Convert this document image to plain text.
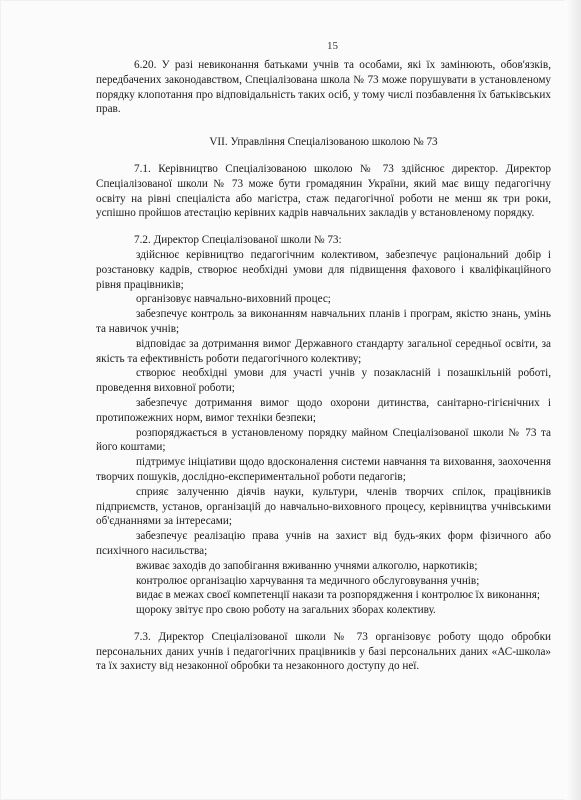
15

6.20. У разі невиконання батьками учнів та особами, які їх замінюють, обов'язків, передбачених законодавством, Спеціалізована школа № 73 може порушувати в установленому порядку клопотання про відповідальність таких осіб, у тому числі позбавлення їх батьківських прав.

VII. Управління Спеціалізованою школою № 73

7.1. Керівництво Спеціалізованою школою № 73 здійснює директор. Директор Спеціалізованої школи № 73 може бути громадянин України, який має вищу педагогічну освіту на рівні спеціаліста або магістра, стаж педагогічної роботи не менш як три роки, успішно пройшов атестацію керівних кадрів навчальних закладів у встановленому порядку.

7.2. Директор Спеціалізованої школи № 73:

здійснює керівництво педагогічним колективом, забезпечує раціональний добір і розстановку кадрів, створює необхідні умови для підвищення фахового і кваліфікаційного рівня працівників;

організовує навчально-виховний процес;

забезпечує контроль за виконанням навчальних планів і програм, якістю знань, умінь та навичок учнів;

відповідає за дотримання вимог Державного стандарту загальної середньої освіти, за якість та ефективність роботи педагогічного колективу;

створює необхідні умови для участі учнів у позакласній і позашкільній роботі, проведення виховної роботи;

забезпечує дотримання вимог щодо охорони дитинства, санітарно-гігієнічних і протипожежних норм, вимог техніки безпеки;

розпоряджається в установленому порядку майном Спеціалізованої школи № 73 та його коштами;

підтримує ініціативи щодо вдосконалення системи навчання та виховання, заохочення творчих пошуків, дослідно-експериментальної роботи педагогів;

сприяє залученню діячів науки, культури, членів творчих спілок, працівників підприємств, установ, організацій до навчально-виховного процесу, керівництва учнівськими об'єднаннями за інтересами;

забезпечує реалізацію права учнів на захист від будь-яких форм фізичного або психічного насильства;

вживає заходів до запобігання вживанню учнями алкоголю, наркотиків;

контролює організацію харчування та медичного обслуговування учнів;

видає в межах своєї компетенції накази та розпорядження і контролює їх виконання;

щороку звітує про свою роботу на загальних зборах колективу.

7.3. Директор Спеціалізованої школи № 73 організовує роботу щодо обробки персональних даних учнів і педагогічних працівників у базі персональних даних «АС-школа» та їх захисту від незаконної обробки та незаконного доступу до неї.
